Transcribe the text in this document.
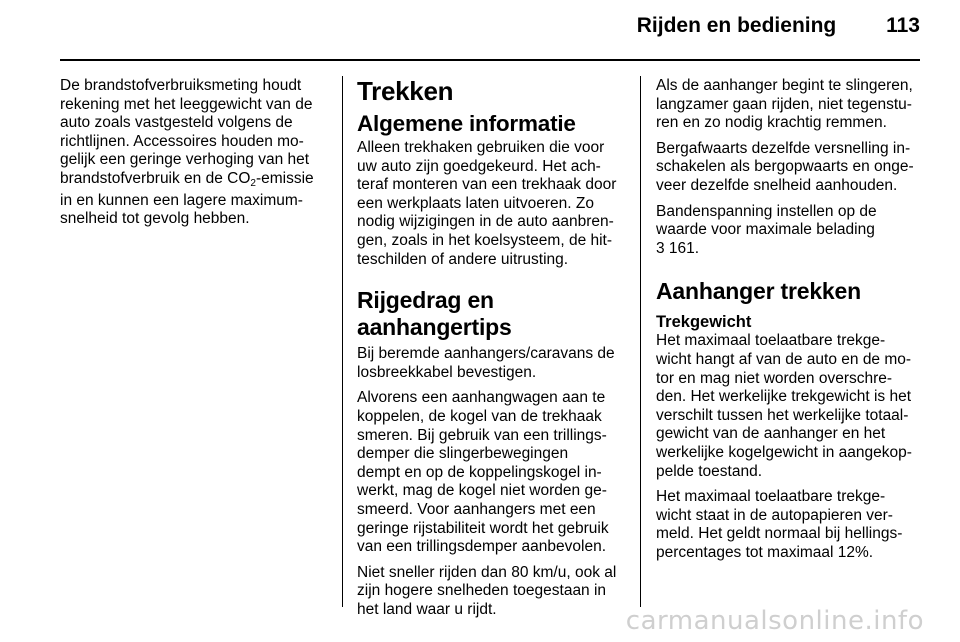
Rijden en bediening 113

De brandstofverbruiksmeting houdt
rekening met het leeggewicht van de
auto zoals vastgesteld volgens de
richtlijnen. Accessoires houden mo-
gelijk een geringe verhoging van het
brandstofverbruik en de $CO_2$-emissie
in en kunnen een lagere maximum-
snelheid tot gevolg hebben.

Trekken
Algemene informatie

Alleen trekhaken gebruiken die voor
uw auto zijn goedgekeurd. Het ach-
teraf monteren van een trekhaak door
een werkplaats laten uitvoeren. Zo
nodig wijzigingen in de auto aanbren-
gen, zoals in het koelsysteem, de hit-
teschilden of andere uitrusting.

Rijgedrag en
aanhangertips

Bij beremde aanhangers/caravans de
losbreekkabel bevestigen.

Alvorens een aanhangwagen aan te
koppelen, de kogel van de trekhaak
smeren. Bij gebruik van een trillings-
demper die slingerbewegingen
dempt en op de koppelingskogel in-
werkt, mag de kogel niet worden ge-
smeerd. Voor aanhangers met een
geringe rijstabiliteit wordt het gebruik
van een trillingsdemper aanbevolen.

Niet sneller rijden dan 80 km/u, ook al
zijn hogere snelheden toegestaan in
het land waar u rijdt.

Als de aanhanger begint te slingeren,
langzamer gaan rijden, niet tegenstu-
ren en zo nodig krachtig remmen.

Bergafwaarts dezelfde versnelling in-
schakelen als bergopwaarts en onge-
veer dezelfde snelheid aanhouden.

Bandenspanning instellen op de
waarde voor maximale belading
3 161.

Aanhanger trekken
Trekgewicht

Het maximaal toelaatbare trekge-
wicht hangt af van de auto en de mo-
tor en mag niet worden overschre-
den. Het werkelijke trekgewicht is het
verschilt tussen het werkelijke totaal-
gewicht van de aanhanger en het
werkelijke kogelgewicht in aangekop-
pelde toestand.

Het maximaal toelaatbare trekge-
wicht staat in de autopapieren ver-
meld. Het geldt normaal bij hellings-
percentages tot maximaal 12%.

carmanualsonline.info
